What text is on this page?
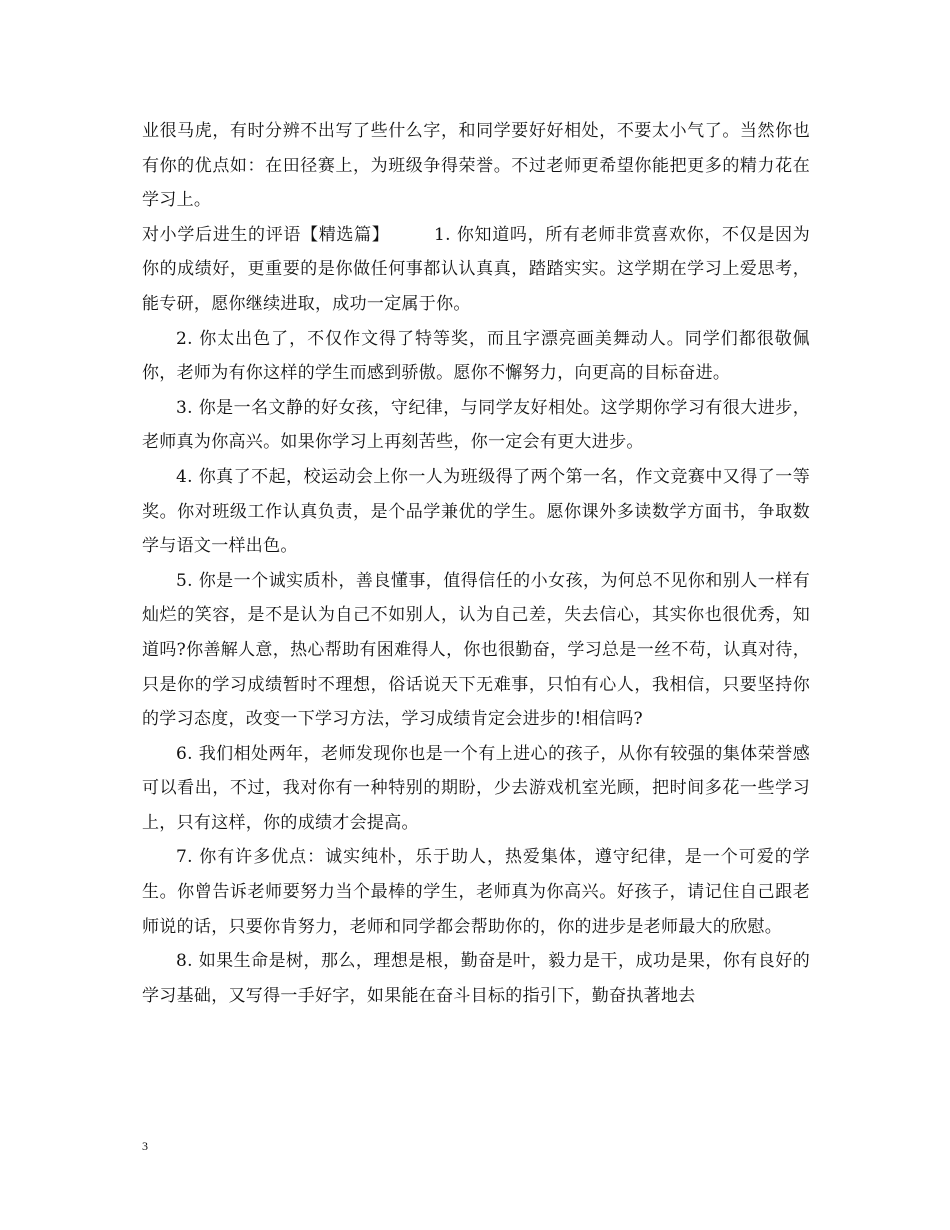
业很马虎，有时分辨不出写了些什么字，和同学要好好相处，不要太小气了。当然你也有你的优点如：在田径赛上，为班级争得荣誉。不过老师更希望你能把更多的精力花在学习上。

对小学后进生的评语【精选篇】　　　1. 你知道吗，所有老师非赏喜欢你，不仅是因为你的成绩好，更重要的是你做任何事都认认真真，踏踏实实。这学期在学习上爱思考，能专研，愿你继续进取，成功一定属于你。

2. 你太出色了，不仅作文得了特等奖，而且字漂亮画美舞动人。同学们都很敬佩你，老师为有你这样的学生而感到骄傲。愿你不懈努力，向更高的目标奋进。

3. 你是一名文静的好女孩，守纪律，与同学友好相处。这学期你学习有很大进步，老师真为你高兴。如果你学习上再刻苦些，你一定会有更大进步。

4. 你真了不起，校运动会上你一人为班级得了两个第一名，作文竞赛中又得了一等奖。你对班级工作认真负责，是个品学兼优的学生。愿你课外多读数学方面书，争取数学与语文一样出色。

5. 你是一个诚实质朴，善良懂事，值得信任的小女孩，为何总不见你和别人一样有灿烂的笑容，是不是认为自己不如别人，认为自己差，失去信心，其实你也很优秀，知道吗?你善解人意，热心帮助有困难得人，你也很勤奋，学习总是一丝不苟，认真对待，只是你的学习成绩暂时不理想，俗话说天下无难事，只怕有心人，我相信，只要坚持你的学习态度，改变一下学习方法，学习成绩肯定会进步的!相信吗?

6. 我们相处两年，老师发现你也是一个有上进心的孩子，从你有较强的集体荣誉感可以看出，不过，我对你有一种特别的期盼，少去游戏机室光顾，把时间多花一些学习上，只有这样，你的成绩才会提高。

7. 你有许多优点：诚实纯朴，乐于助人，热爱集体，遵守纪律，是一个可爱的学生。你曾告诉老师要努力当个最棒的学生，老师真为你高兴。好孩子，请记住自己跟老师说的话，只要你肯努力，老师和同学都会帮助你的，你的进步是老师最大的欣慰。

8. 如果生命是树，那么，理想是根，勤奋是叶，毅力是干，成功是果，你有良好的学习基础，又写得一手好字，如果能在奋斗目标的指引下，勤奋执著地去

3
